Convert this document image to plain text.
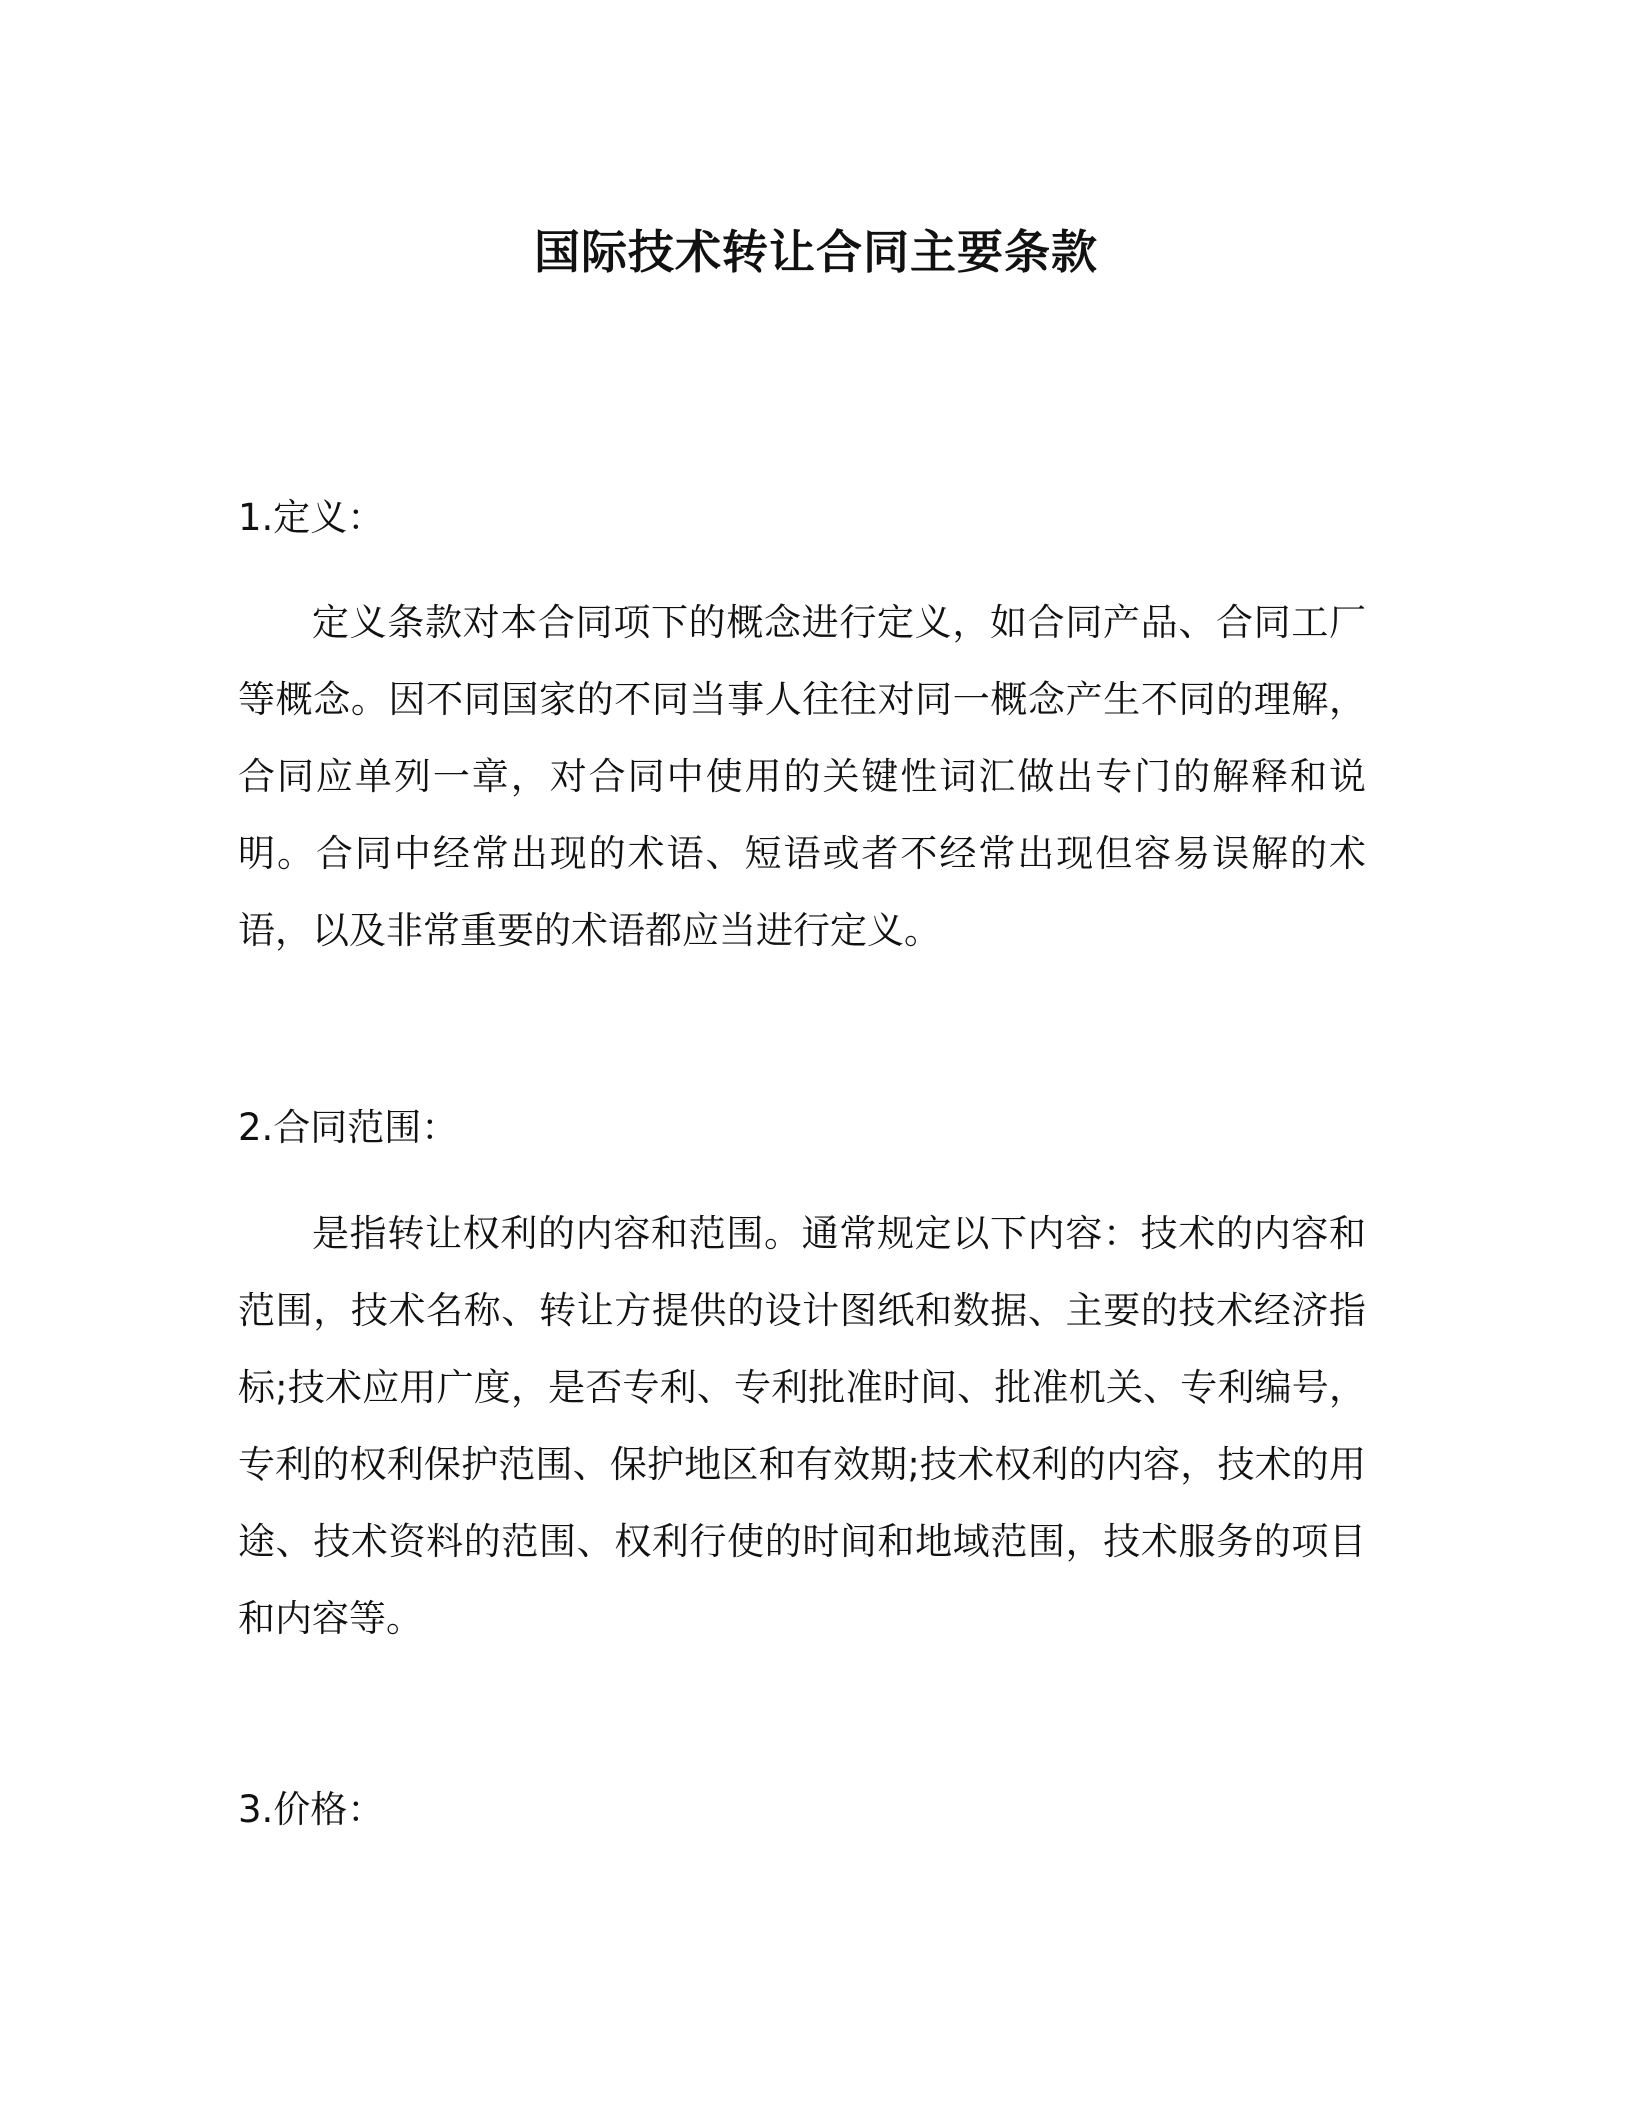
国际技术转让合同主要条款
1.定义：

定义条款对本合同项下的概念进行定义，如合同产品、合同工厂等概念。因不同国家的不同当事人往往对同一概念产生不同的理解，合同应单列一章，对合同中使用的关键性词汇做出专门的解释和说明。合同中经常出现的术语、短语或者不经常出现但容易误解的术语，以及非常重要的术语都应当进行定义。

2.合同范围：

是指转让权利的内容和范围。通常规定以下内容：技术的内容和范围，技术名称、转让方提供的设计图纸和数据、主要的技术经济指标;技术应用广度，是否专利、专利批准时间、批准机关、专利编号，专利的权利保护范围、保护地区和有效期;技术权利的内容，技术的用途、技术资料的范围、权利行使的时间和地域范围，技术服务的项目和内容等。

3.价格：
